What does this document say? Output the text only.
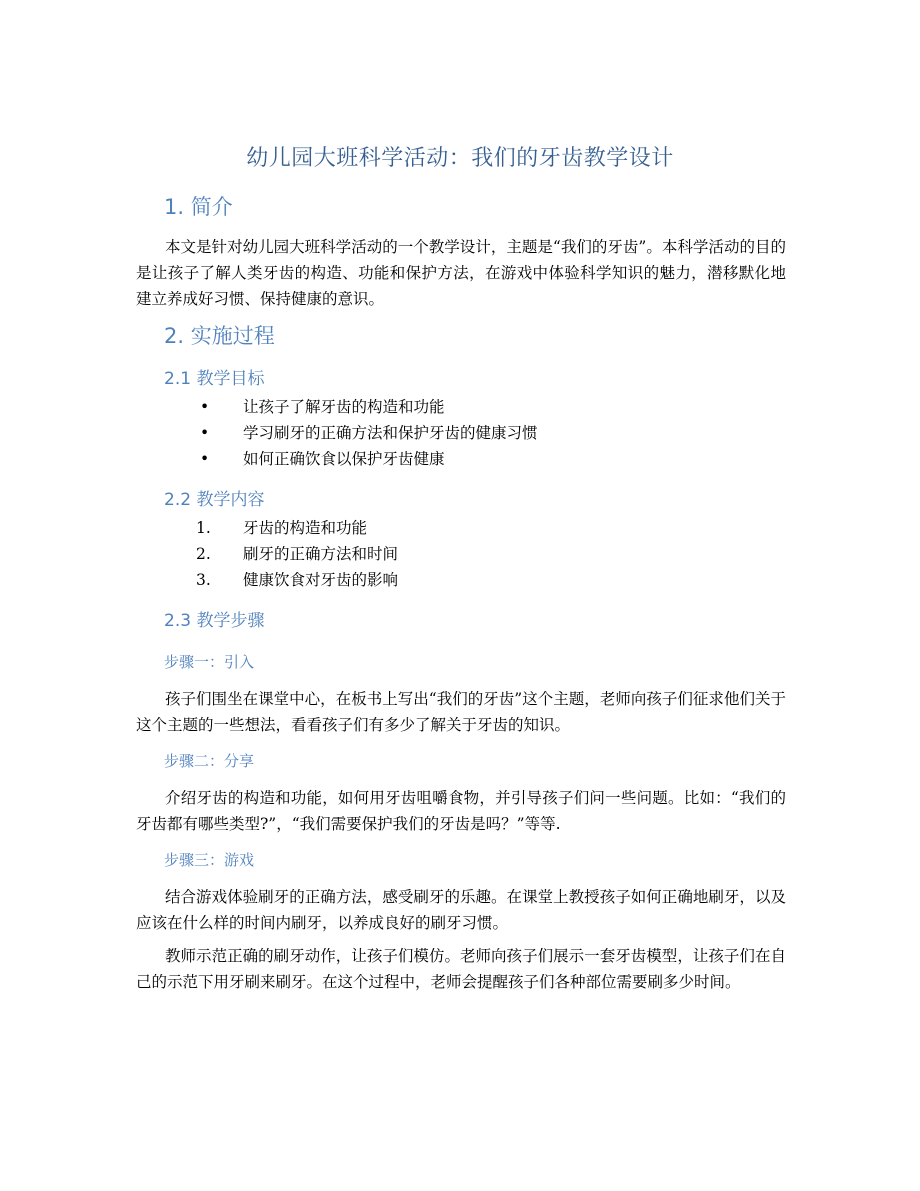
幼儿园大班科学活动：我们的牙齿教学设计
1. 简介

本文是针对幼儿园大班科学活动的一个教学设计，主题是“我们的牙齿”。本科学活动的目的是让孩子了解人类牙齿的构造、功能和保护方法，在游戏中体验科学知识的魅力，潜移默化地建立养成好习惯、保持健康的意识。

2. 实施过程
2.1 教学目标
•	让孩子了解牙齿的构造和功能
•	学习刷牙的正确方法和保护牙齿的健康习惯
•	如何正确饮食以保护牙齿健康
2.2 教学内容
1.	牙齿的构造和功能
2.	刷牙的正确方法和时间
3.	健康饮食对牙齿的影响
2.3 教学步骤
步骤一：引入

孩子们围坐在课堂中心，在板书上写出“我们的牙齿”这个主题，老师向孩子们征求他们关于这个主题的一些想法，看看孩子们有多少了解关于牙齿的知识。

步骤二：分享

介绍牙齿的构造和功能，如何用牙齿咀嚼食物，并引导孩子们问一些问题。比如：“我们的牙齿都有哪些类型?”，“我们需要保护我们的牙齿是吗？”等等.

步骤三：游戏

结合游戏体验刷牙的正确方法，感受刷牙的乐趣。在课堂上教授孩子如何正确地刷牙，以及应该在什么样的时间内刷牙，以养成良好的刷牙习惯。

教师示范正确的刷牙动作，让孩子们模仿。老师向孩子们展示一套牙齿模型，让孩子们在自己的示范下用牙刷来刷牙。在这个过程中，老师会提醒孩子们各种部位需要刷多少时间。
